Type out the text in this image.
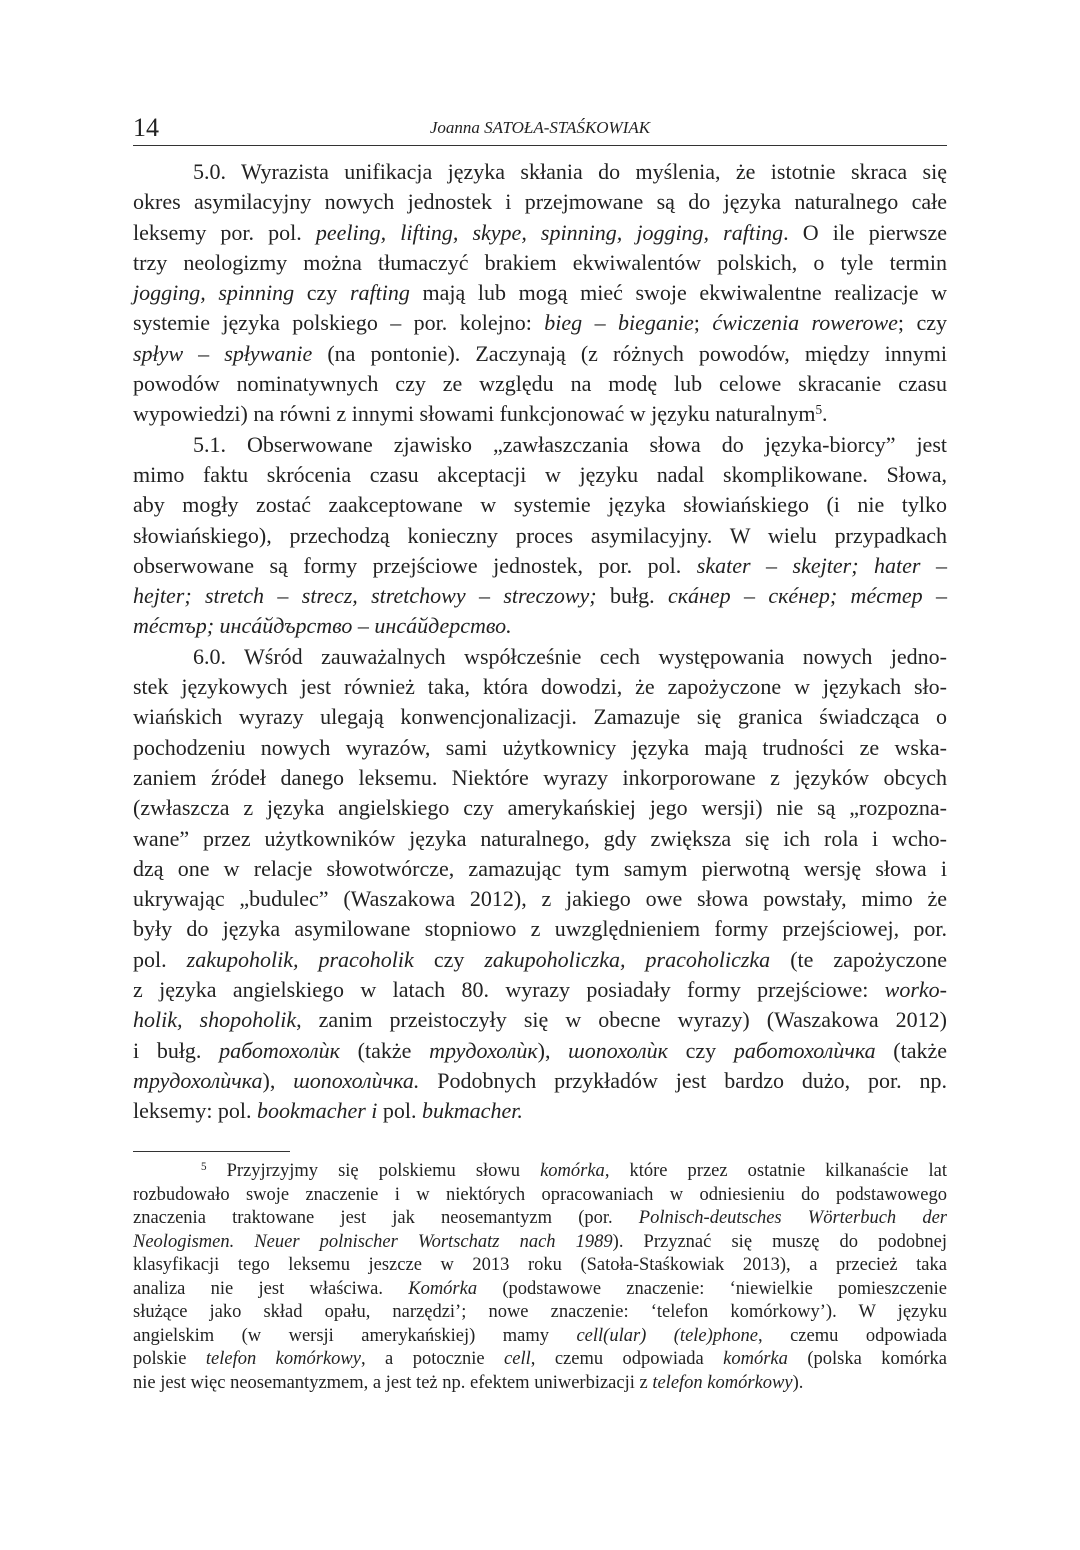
14	Joanna SATOŁA-STAŚKOWIAK
5.0. Wyrazista unifikacja języka skłania do myślenia, że istotnie skraca się
okres asymilacyjny nowych jednostek i przejmowane są do języka naturalnego całe
leksemy por. pol. peeling, lifting, skype, spinning, jogging, rafting. O ile pierwsze
trzy neologizmy można tłumaczyć brakiem ekwiwalentów polskich, o tyle termin
jogging, spinning czy rafting mają lub mogą mieć swoje ekwiwalentne realizacje w
systemie języka polskiego – por. kolejno: bieg – bieganie; ćwiczenia rowerowe; czy
spływ – spływanie (na pontonie). Zaczynają (z różnych powodów, między innymi
powodów nominatywnych czy ze względu na modę lub celowe skracanie czasu
wypowiedzi) na równi z innymi słowami funkcjonować w języku naturalnym$^5$.
5.1. Obserwowane zjawisko „zawłaszczania słowa do języka-biorcy” jest
mimo faktu skrócenia czasu akceptacji w języku nadal skomplikowane. Słowa,
aby mogły zostać zaakceptowane w systemie języka słowiańskiego (i nie tylko
słowiańskiego), przechodzą konieczny proces asymilacyjny. W wielu przypadkach
obserwowane są formy przejściowe jednostek, por. pol. skater – skejter; hater –
hejter; stretch – strecz, stretchowy – streczowy; bułg. скáнер – скéнер; тéстер –
тéстър; инсáйдърство – инсáйдерство.
6.0. Wśród zauważalnych współcześnie cech występowania nowych jedno-
stek językowych jest również taka, która dowodzi, że zapożyczone w językach sło-
wiańskich wyrazy ulegają konwencjonalizacji. Zamazuje się granica świadcząca o
pochodzeniu nowych wyrazów, sami użytkownicy języka mają trudności ze wska-
zaniem źródeł danego leksemu. Niektóre wyrazy inkorporowane z języków obcych
(zwłaszcza z języka angielskiego czy amerykańskiej jego wersji) nie są „rozpozna-
wane” przez użytkowników języka naturalnego, gdy zwiększa się ich rola i wcho-
dzą one w relacje słowotwórcze, zamazując tym samym pierwotną wersję słowa i
ukrywając „budulec” (Waszakowa 2012), z jakiego owe słowa powstały, mimo że
były do języka asymilowane stopniowo z uwzględnieniem formy przejściowej, por.
pol. zakupoholik, pracoholik czy zakupoholiczka, pracoholiczka (te zapożyczone
z języka angielskiego w latach 80. wyrazy posiadały formy przejściowe: worko-
holik, shopoholik, zanim przeistoczyły się w obecne wyrazy) (Waszakowa 2012)
i bułg. работохолѝк (także трудохолѝк), шопохолѝк czy работохолѝчка (także
трудохолѝчка), шопохолѝчка. Podobnych przykładów jest bardzo dużo, por. np.
leksemy: pol. bookmacher i pol. bukmacher.
$^5$ Przyjrzyjmy się polskiemu słowu komórka, które przez ostatnie kilkanaście lat
rozbudowało swoje znaczenie i w niektórych opracowaniach w odniesieniu do podstawowego
znaczenia traktowane jest jak neosemantyzm (por. Polnisch-deutsches Wörterbuch der
Neologismen. Neuer polnischer Wortschatz nach 1989). Przyznać się muszę do podobnej
klasyfikacji tego leksemu jeszcze w 2013 roku (Satoła-Staśkowiak 2013), a przecież taka
analiza nie jest właściwa. Komórka (podstawowe znaczenie: ‘niewielkie pomieszczenie
służące jako skład opału, narzędzi’; nowe znaczenie: ‘telefon komórkowy’). W języku
angielskim (w wersji amerykańskiej) mamy cell(ular) (tele)phone, czemu odpowiada
polskie telefon komórkowy, a potocznie cell, czemu odpowiada komórka (polska komórka
nie jest więc neosemantyzmem, a jest też np. efektem uniwerbizacji z telefon komórkowy).
